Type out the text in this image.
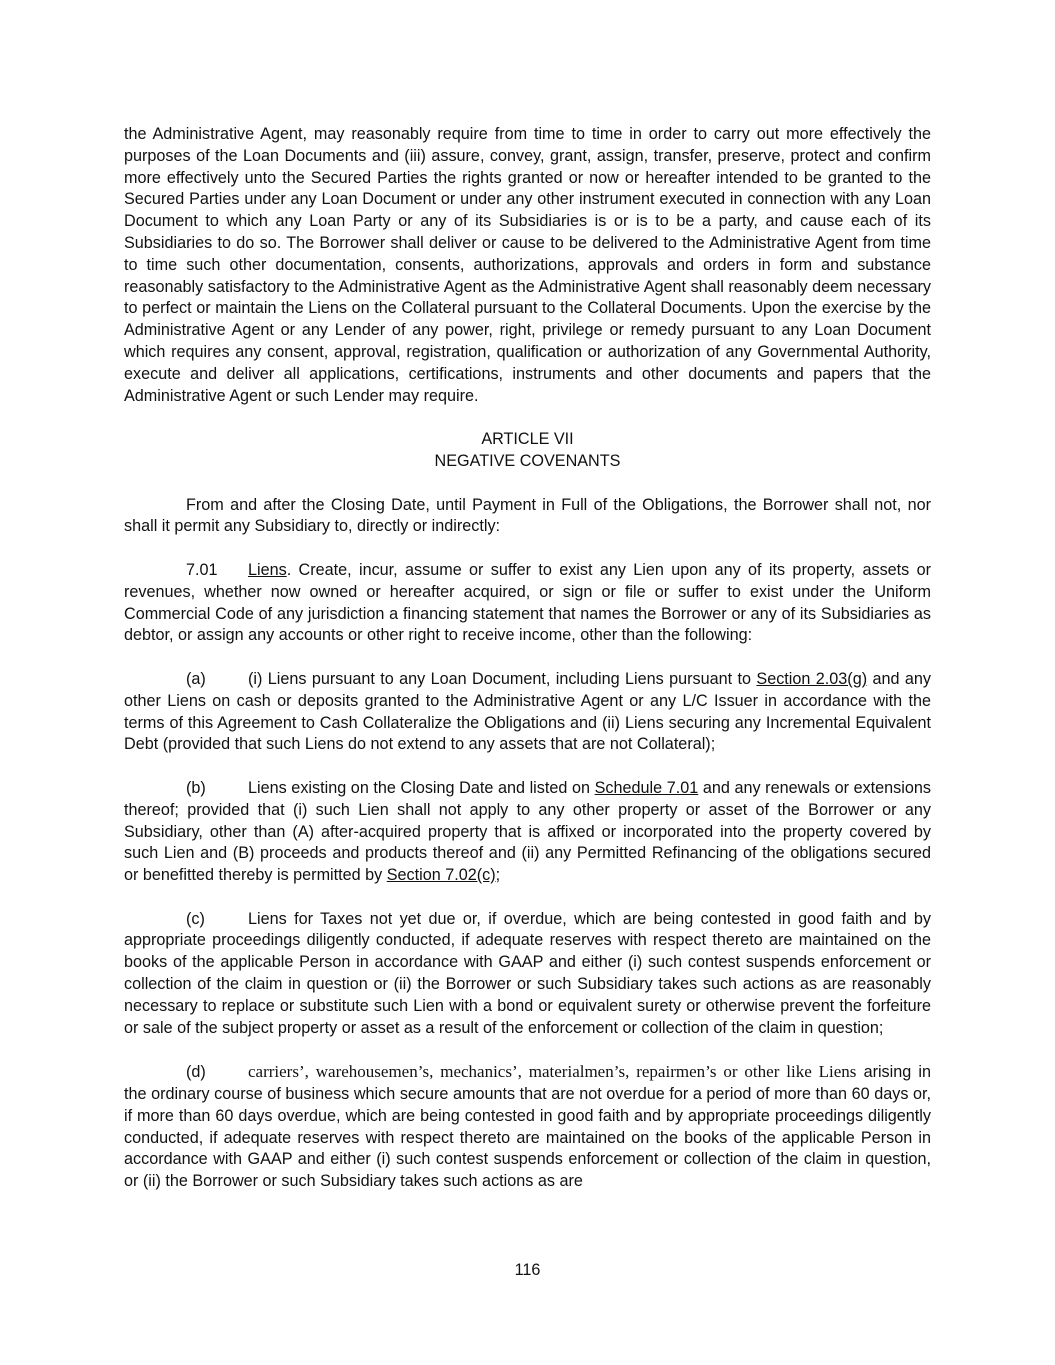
the Administrative Agent, may reasonably require from time to time in order to carry out more effectively the purposes of the Loan Documents and (iii) assure, convey, grant, assign, transfer, preserve, protect and confirm more effectively unto the Secured Parties the rights granted or now or hereafter intended to be granted to the Secured Parties under any Loan Document or under any other instrument executed in connection with any Loan Document to which any Loan Party or any of its Subsidiaries is or is to be a party, and cause each of its Subsidiaries to do so. The Borrower shall deliver or cause to be delivered to the Administrative Agent from time to time such other documentation, consents, authorizations, approvals and orders in form and substance reasonably satisfactory to the Administrative Agent as the Administrative Agent shall reasonably deem necessary to perfect or maintain the Liens on the Collateral pursuant to the Collateral Documents. Upon the exercise by the Administrative Agent or any Lender of any power, right, privilege or remedy pursuant to any Loan Document which requires any consent, approval, registration, qualification or authorization of any Governmental Authority, execute and deliver all applications, certifications, instruments and other documents and papers that the Administrative Agent or such Lender may require.

ARTICLE VII

NEGATIVE COVENANTS

From and after the Closing Date, until Payment in Full of the Obligations, the Borrower shall not, nor shall it permit any Subsidiary to, directly or indirectly:

7.01 Liens. Create, incur, assume or suffer to exist any Lien upon any of its property, assets or revenues, whether now owned or hereafter acquired, or sign or file or suffer to exist under the Uniform Commercial Code of any jurisdiction a financing statement that names the Borrower or any of its Subsidiaries as debtor, or assign any accounts or other right to receive income, other than the following:

(a)	(i) Liens pursuant to any Loan Document, including Liens pursuant to Section 2.03(g) and any other Liens on cash or deposits granted to the Administrative Agent or any L/C Issuer in accordance with the terms of this Agreement to Cash Collateralize the Obligations and (ii) Liens securing any Incremental Equivalent Debt (provided that such Liens do not extend to any assets that are not Collateral);

(b)	Liens existing on the Closing Date and listed on Schedule 7.01 and any renewals or extensions thereof; provided that (i) such Lien shall not apply to any other property or asset of the Borrower or any Subsidiary, other than (A) after-acquired property that is affixed or incorporated into the property covered by such Lien and (B) proceeds and products thereof and (ii) any Permitted Refinancing of the obligations secured or benefitted thereby is permitted by Section 7.02(c);

(c)	Liens for Taxes not yet due or, if overdue, which are being contested in good faith and by appropriate proceedings diligently conducted, if adequate reserves with respect thereto are maintained on the books of the applicable Person in accordance with GAAP and either (i) such contest suspends enforcement or collection of the claim in question or (ii) the Borrower or such Subsidiary takes such actions as are reasonably necessary to replace or substitute such Lien with a bond or equivalent surety or otherwise prevent the forfeiture or sale of the subject property or asset as a result of the enforcement or collection of the claim in question;

(d) carriers’, warehousemen’s, mechanics’, materialmen’s, repairmen’s or other like Liens arising in the ordinary course of business which secure amounts that are not overdue for a period of more than 60 days or, if more than 60 days overdue, which are being contested in good faith and by appropriate proceedings diligently conducted, if adequate reserves with respect thereto are maintained on the books of the applicable Person in accordance with GAAP and either (i) such contest suspends enforcement or collection of the claim in question, or (ii) the Borrower or such Subsidiary takes such actions as are

116
